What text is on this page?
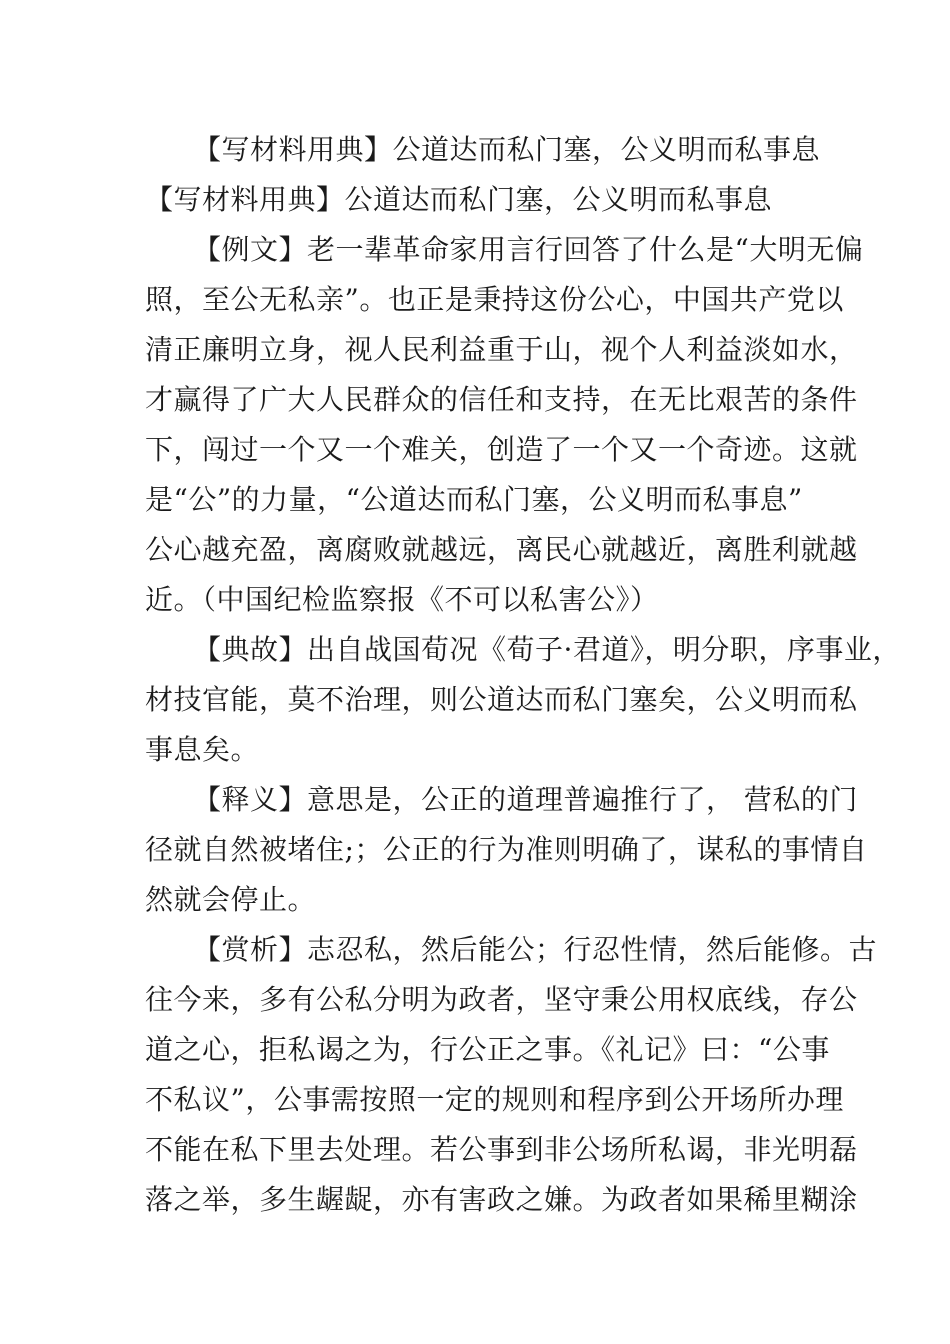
【写材料用典】公道达而私门塞，公义明而私事息
【写材料用典】公道达而私门塞，公义明而私事息
【例文】老一辈革命家用言行回答了什么是“大明无偏
照，至公无私亲”。也正是秉持这份公心，中国共产党以
清正廉明立身，视人民利益重于山，视个人利益淡如水，
才赢得了广大人民群众的信任和支持，在无比艰苦的条件
下，闯过一个又一个难关，创造了一个又一个奇迹。这就
是“公”的力量，“公道达而私门塞，公义明而私事息”
公心越充盈，离腐败就越远，离民心就越近，离胜利就越
近。（中国纪检监察报《不可以私害公》）
【典故】出自战国荀况《荀子·君道》，明分职，序事业，
材技官能，莫不治理，则公道达而私门塞矣，公义明而私
事息矣。
【释义】意思是，公正的道理普遍推行了， 营私的门
径就自然被堵住;；公正的行为准则明确了，谋私的事情自
然就会停止。
【赏析】志忍私，然后能公；行忍性情，然后能修。古
往今来，多有公私分明为政者，坚守秉公用权底线，存公
道之心，拒私谒之为，行公正之事。《礼记》曰：“公事
不私议”，公事需按照一定的规则和程序到公开场所办理
不能在私下里去处理。若公事到非公场所私谒，非光明磊
落之举，多生龌龊，亦有害政之嫌。为政者如果稀里糊涂
